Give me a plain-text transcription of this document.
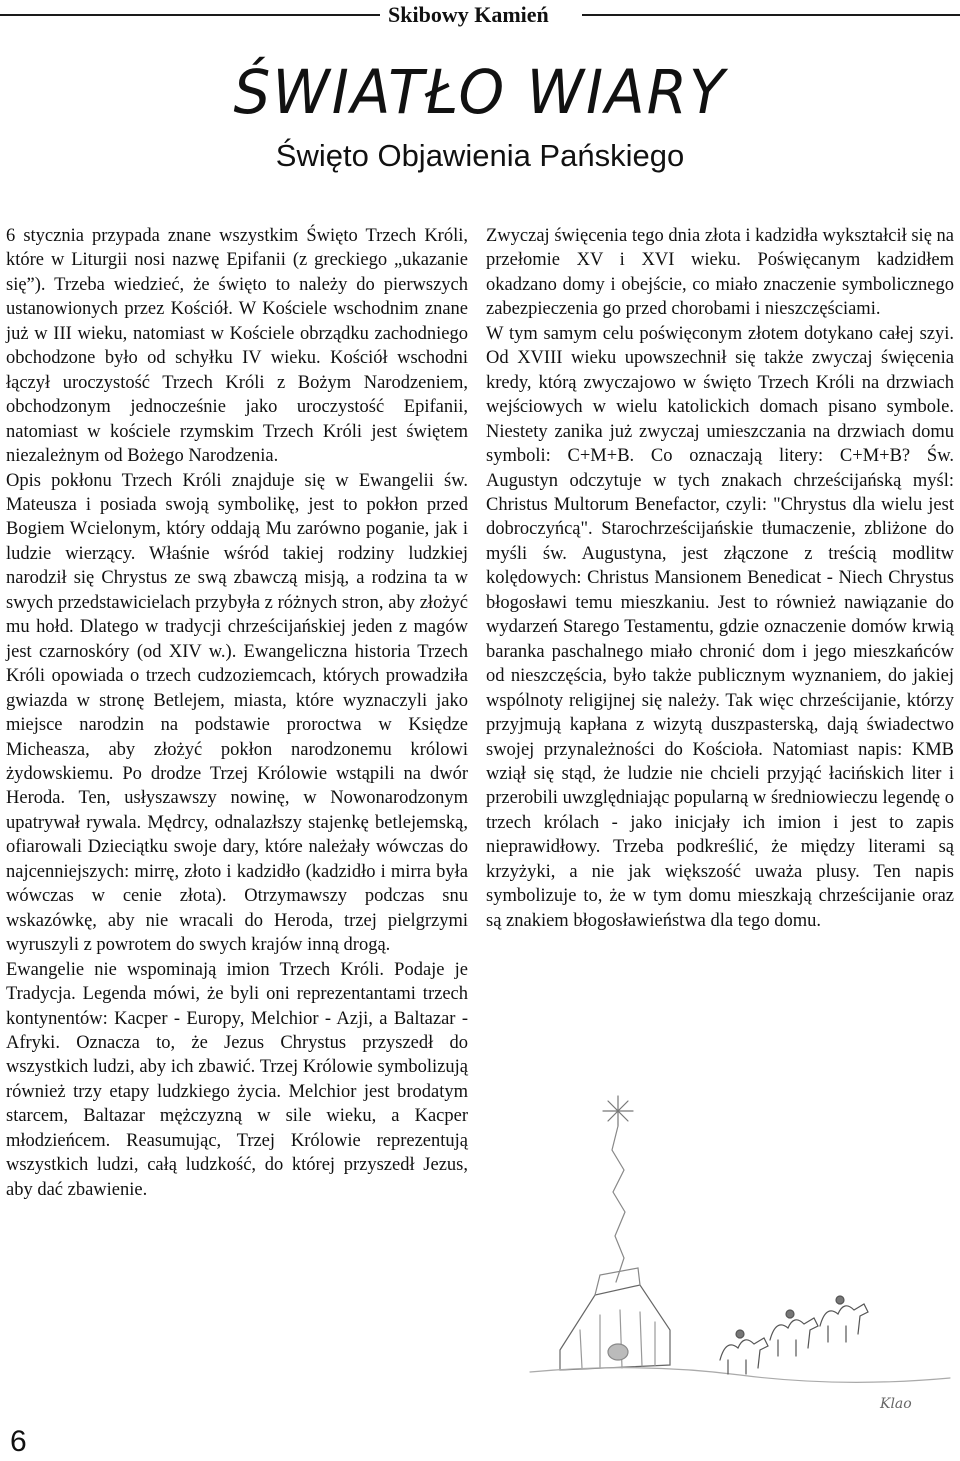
Skibowy Kamień
ŚWIATŁO WIARY
Święto Objawienia Pańskiego

6 stycznia przypada znane wszystkim Święto Trzech Króli, które w Liturgii nosi nazwę Epifanii (z greckiego „ukazanie się”). Trzeba wiedzieć, że święto to należy do pierwszych ustanowionych przez Kościół. W Kościele wschodnim znane już w III wieku, natomiast w Kościele obrządku zachodniego obchodzone było od schyłku IV wieku. Kościół wschodni łączył uroczystość Trzech Króli z Bożym Narodzeniem, obchodzonym jednocześnie jako uroczystość Epifanii, natomiast w kościele rzymskim Trzech Króli jest świętem niezależnym od Bożego Narodzenia.

Opis pokłonu Trzech Króli znajduje się w Ewangelii św. Mateusza i posiada swoją symbolikę, jest to pokłon przed Bogiem Wcielonym, który oddają Mu zarówno poganie, jak i ludzie wierzący. Właśnie wśród takiej rodziny ludzkiej narodził się Chrystus ze swą zbawczą misją, a rodzina ta w swych przedstawicielach przybyła z różnych stron, aby złożyć mu hołd. Dlatego w tradycji chrześcijańskiej jeden z magów jest czarnoskóry (od XIV w.). Ewangeliczna historia Trzech Króli opowiada o trzech cudzoziemcach, których prowadziła gwiazda w stronę Betlejem, miasta, które wyznaczyli jako miejsce narodzin na podstawie proroctwa w Księdze Micheasza, aby złożyć pokłon narodzonemu królowi żydowskiemu. Po drodze Trzej Królowie wstąpili na dwór Heroda. Ten, usłyszawszy nowinę, w Nowonarodzonym upatrywał rywala. Mędrcy, odnalazłszy stajenkę betlejemską, ofiarowali Dzieciątku swoje dary, które należały wówczas do najcenniejszych: mirrę, złoto i kadzidło (kadzidło i mirra była wówczas w cenie złota). Otrzymawszy podczas snu wskazówkę, aby nie wracali do Heroda, trzej pielgrzymi wyruszyli z powrotem do swych krajów inną drogą.

Ewangelie nie wspominają imion Trzech Króli. Podaje je Tradycja. Legenda mówi, że byli oni reprezentantami trzech kontynentów: Kacper - Europy, Melchior - Azji, a Baltazar - Afryki. Oznacza to, że Jezus Chrystus przyszedł do wszystkich ludzi, aby ich zbawić. Trzej Królowie symbolizują również trzy etapy ludzkiego życia. Melchior jest brodatym starcem, Baltazar mężczyzną w sile wieku, a Kacper młodzieńcem. Reasumując, Trzej Królowie reprezentują wszystkich ludzi, całą ludzkość, do której przyszedł Jezus, aby dać zbawienie.

Zwyczaj święcenia tego dnia złota i kadzidła wykształcił się na przełomie XV i XVI wieku. Poświęcanym kadzidłem okadzano domy i obejście, co miało znaczenie symbolicznego zabezpieczenia go przed chorobami i nieszczęściami.

W tym samym celu poświęconym złotem dotykano całej szyi. Od XVIII wieku upowszechnił się także zwyczaj święcenia kredy, którą zwyczajowo w święto Trzech Króli na drzwiach wejściowych w wielu katolickich domach pisano symbole. Niestety zanika już zwyczaj umieszczania na drzwiach domu symboli: C+M+B. Co oznaczają litery: C+M+B? Św. Augustyn odczytuje w tych znakach chrześcijańską myśl: Christus Multorum Benefactor, czyli: "Chrystus dla wielu jest dobroczyńcą". Starochrześcijańskie tłumaczenie, zbliżone do myśli św. Augustyna, jest złączone z treścią modlitw kolędowych: Christus Mansionem Benedicat - Niech Chrystus błogosławi temu mieszkaniu. Jest to również nawiązanie do wydarzeń Starego Testamentu, gdzie oznaczenie domów krwią baranka paschalnego miało chronić dom i jego mieszkańców od nieszczęścia, było także publicznym wyznaniem, do jakiej wspólnoty religijnej się należy. Tak więc chrześcijanie, którzy przyjmują kapłana z wizytą duszpasterską, dają świadectwo swojej przynależności do Kościoła. Natomiast napis: KMB wziął się stąd, że ludzie nie chcieli przyjąć łacińskich liter i przerobili uwzględniając popularną w średniowieczu legendę o trzech królach - jako inicjały ich imion i jest to zapis nieprawidłowy. Trzeba podkreślić, że między literami są krzyżyki, a nie jak większość uważa plusy. Ten napis symbolizuje to, że w tym domu mieszkają chrześcijanie oraz są znakiem błogosławieństwa dla tego domu.

Klao
6
